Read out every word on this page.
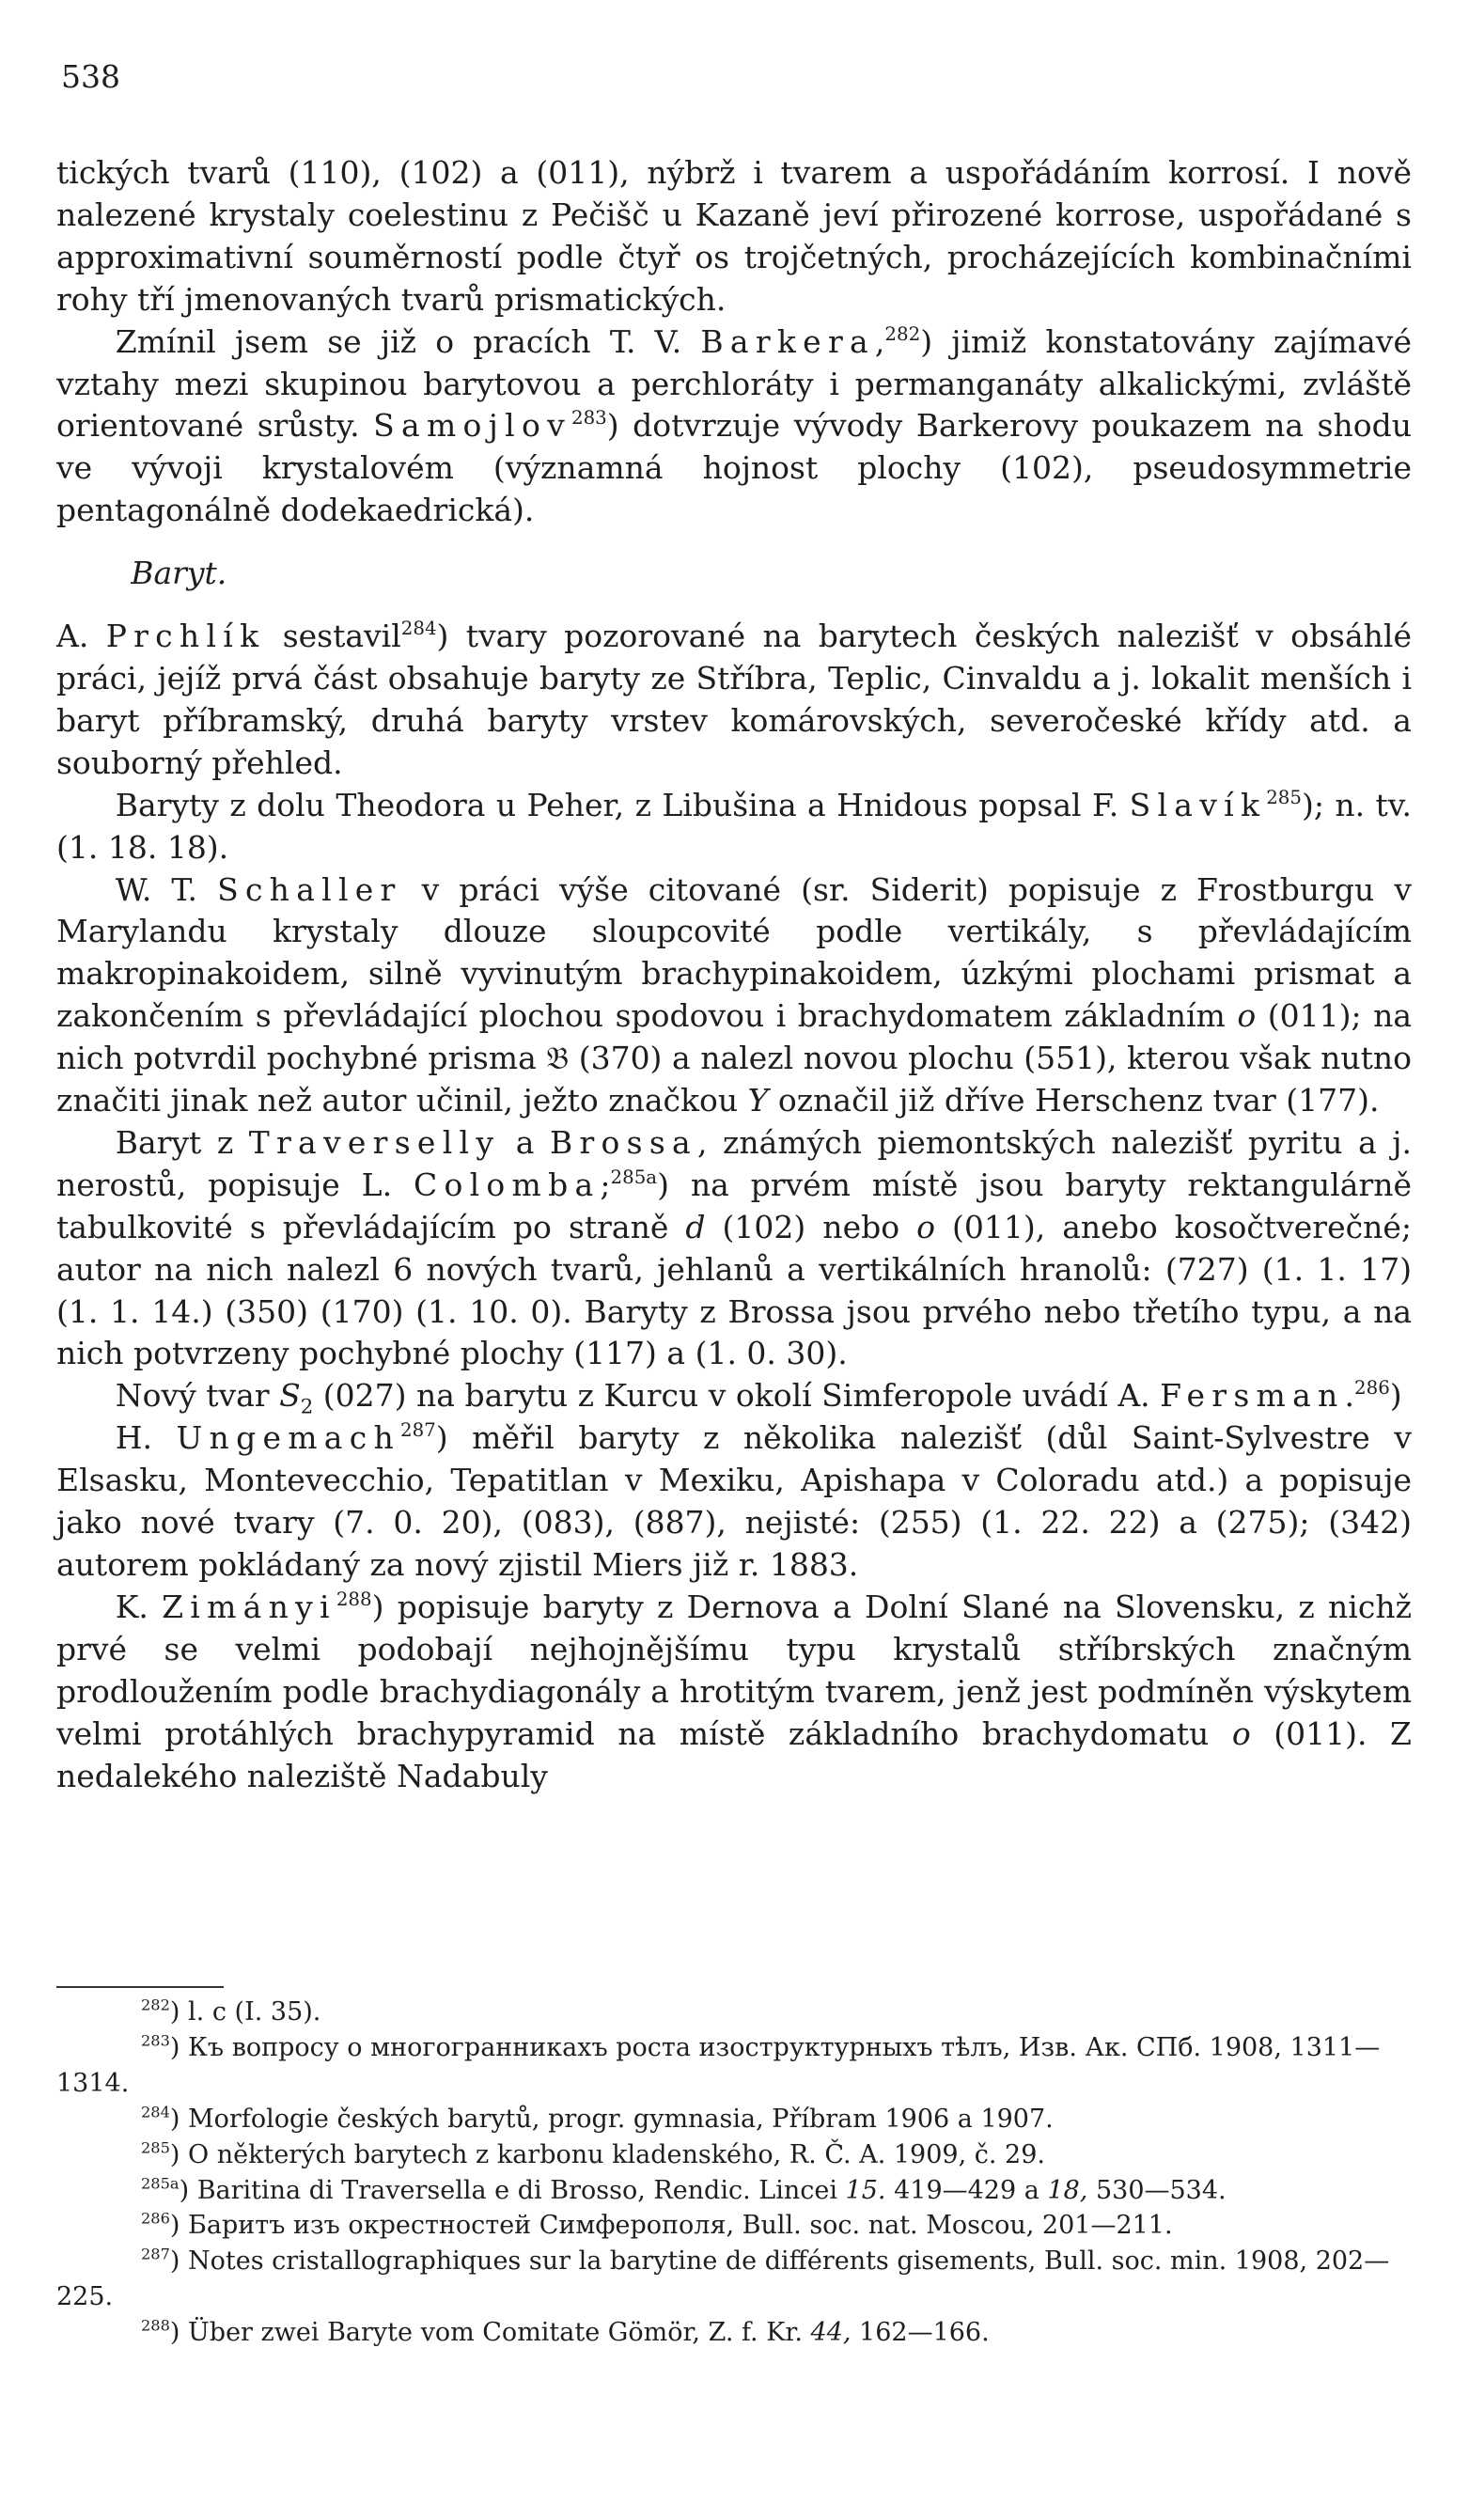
538

tických tvarů (110), (102) a (011), nýbrž i tvarem a uspořádáním korrosí. I nově nalezené krystaly coelestinu z Pečišč u Kazaně jeví přirozené korrose, uspořádané s approximativní souměrností podle čtyř os trojčetných, procházejících kombinačními rohy tří jmenovaných tvarů prismatických.

Zmínil jsem se již o pracích T. V. Barkera,$^{282}$) jimiž konstatovány zajímavé vztahy mezi skupinou barytovou a perchloráty i permanganáty alkalickými, zvláště orientované srůsty. Samojlov$^{283}$) dotvrzuje vývody Barkerovy poukazem na shodu ve vývoji krystalovém (významná hojnost plochy (102), pseudosymmetrie pentagonálně dodekaedrická).

Baryt.

A. Prchlík sestavil$^{284}$) tvary pozorované na barytech českých nalezišť v obsáhlé práci, jejíž prvá část obsahuje baryty ze Stříbra, Teplic, Cinvaldu a j. lokalit menších i baryt příbramský, druhá baryty vrstev komárovských, severočeské křídy atd. a souborný přehled.

Baryty z dolu Theodora u Peher, z Libušina a Hnidous popsal F. Slavík$^{285}$); n. tv. (1. 18. 18).

W. T. Schaller v práci výše citované (sr. Siderit) popisuje z Frostburgu v Marylandu krystaly dlouze sloupcovité podle vertikály, s převládajícím makropinakoidem, silně vyvinutým brachypinakoidem, úzkými plochami prismat a zakončením s převládající plochou spodovou i brachydomatem základním o (011); na nich potvrdil pochybné prisma 𝔅 (370) a nalezl novou plochu (551), kterou však nutno značiti jinak než autor učinil, ježto značkou Y označil již dříve Herschenz tvar (177).

Baryt z Traverselly a Brossa, známých piemontských nalezišť pyritu a j. nerostů, popisuje L. Colomba;$^{285a}$) na prvém místě jsou baryty rektangulárně tabulkovité s převládajícím po straně d (102) nebo o (011), anebo kosočtverečné; autor na nich nalezl 6 nových tvarů, jehlanů a vertikálních hranolů: (727) (1. 1. 17) (1. 1. 14.) (350) (170) (1. 10. 0). Baryty z Brossa jsou prvého nebo třetího typu, a na nich potvrzeny pochybné plochy (117) a (1. 0. 30).

Nový tvar $S_2$ (027) na barytu z Kurcu v okolí Simferopole uvádí A. Fersman.$^{286}$)

H. Ungemach$^{287}$) měřil baryty z několika nalezišť (důl Saint-Sylvestre v Elsasku, Montevecchio, Tepatitlan v Mexiku, Apishapa v Coloradu atd.) a popisuje jako nové tvary (7. 0. 20), (083), (887), nejisté: (255) (1. 22. 22) a (275); (342) autorem pokládaný za nový zjistil Miers již r. 1883.

K. Zimányi$^{288}$) popisuje baryty z Dernova a Dolní Slané na Slovensku, z nichž prvé se velmi podobají nejhojnějšímu typu krystalů stříbrských značným prodloužením podle brachydiagonály a hrotitým tvarem, jenž jest podmíněn výskytem velmi protáhlých brachypyramid na místě základního brachydomatu o (011). Z nedalekého naleziště Nadabuly

$^{282}$) l. c (I. 35).

$^{283}$) Къ вопросу о многогранникахъ роста изоструктурныхъ тѣлъ, Изв. Ак. СПб. 1908, 1311—1314.

$^{284}$) Morfologie českých barytů, progr. gymnasia, Příbram 1906 a 1907.

$^{285}$) O některých barytech z karbonu kladenského, R. Č. A. 1909, č. 29.

$^{285a}$) Baritina di Traversella e di Brosso, Rendic. Lincei 15. 419—429 a 18, 530—534.

$^{286}$) Баритъ изъ окрестностей Симферополя, Bull. soc. nat. Moscou, 201—211.

$^{287}$) Notes cristallographiques sur la barytine de différents gisements, Bull. soc. min. 1908, 202—225.

$^{288}$) Über zwei Baryte vom Comitate Gömör, Z. f. Kr. 44, 162—166.
